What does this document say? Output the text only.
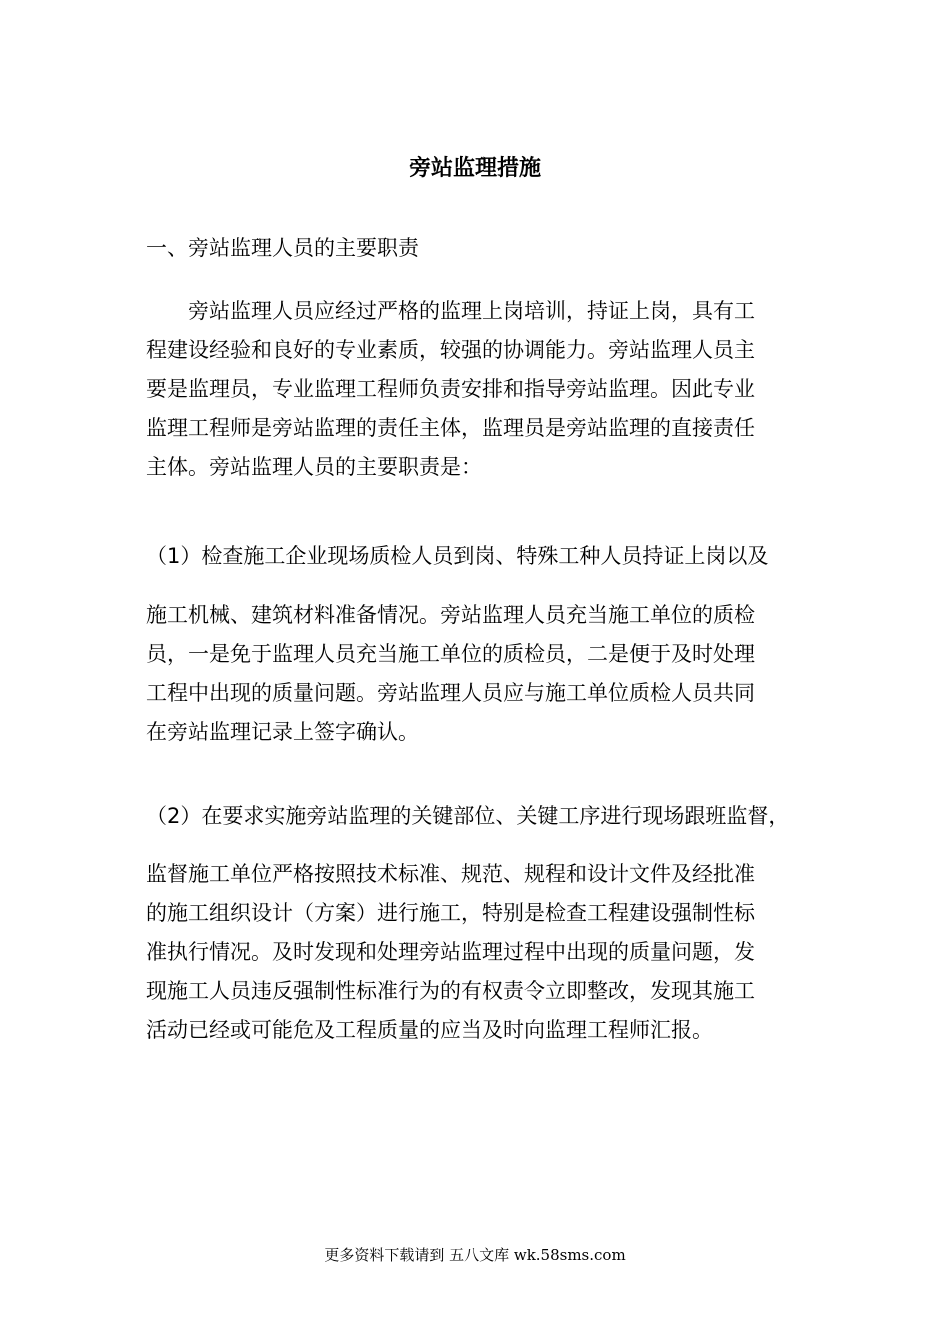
旁站监理措施
一、旁站监理人员的主要职责
旁站监理人员应经过严格的监理上岗培训，持证上岗，具有工
程建设经验和良好的专业素质，较强的协调能力。旁站监理人员主
要是监理员，专业监理工程师负责安排和指导旁站监理。因此专业
监理工程师是旁站监理的责任主体，监理员是旁站监理的直接责任
主体。旁站监理人员的主要职责是：
（1）检查施工企业现场质检人员到岗、特殊工种人员持证上岗以及
施工机械、建筑材料准备情况。旁站监理人员充当施工单位的质检
员，一是免于监理人员充当施工单位的质检员，二是便于及时处理
工程中出现的质量问题。旁站监理人员应与施工单位质检人员共同
在旁站监理记录上签字确认。
（2）在要求实施旁站监理的关键部位、关键工序进行现场跟班监督，
监督施工单位严格按照技术标准、规范、规程和设计文件及经批准
的施工组织设计（方案）进行施工，特别是检查工程建设强制性标
准执行情况。及时发现和处理旁站监理过程中出现的质量问题，发
现施工人员违反强制性标准行为的有权责令立即整改，发现其施工
活动已经或可能危及工程质量的应当及时向监理工程师汇报。
更多资料下载请到 五八文库 wk.58sms.com
